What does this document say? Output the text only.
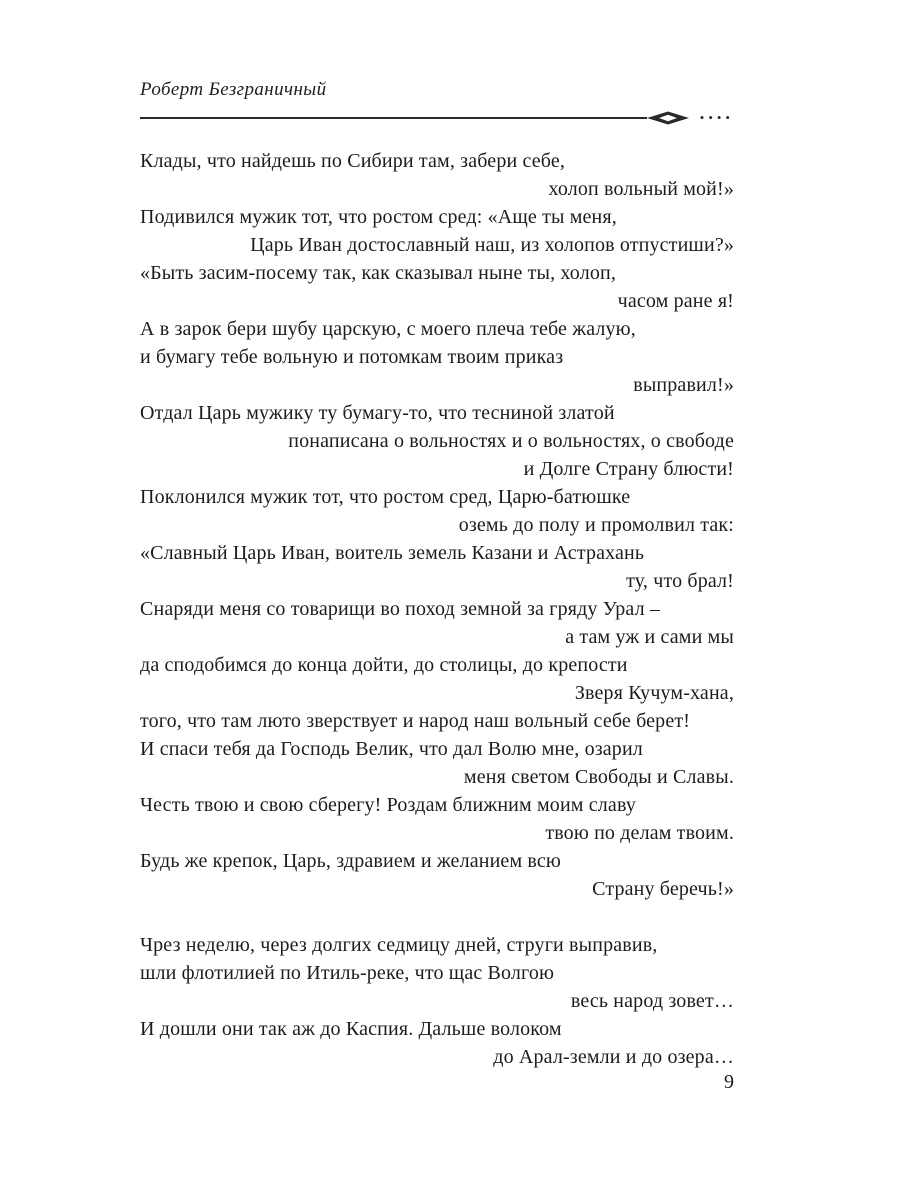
Роберт Безграничный
••••
Клады, что найдешь по Сибири там, забери себе,
холоп вольный мой!»
Подивился мужик тот, что ростом сред: «Аще ты меня,
Царь Иван достославный наш, из холопов отпустиши?»
«Быть засим-посему так, как сказывал ныне ты, холоп,
часом ране я!
А в зарок бери шубу царскую, с моего плеча тебе жалую,
и бумагу тебе вольную и потомкам твоим приказ
выправил!»
Отдал Царь мужику ту бумагу-то, что тесниной златой
понаписана о вольностях и о вольностях, о свободе
и Долге Страну блюсти!
Поклонился мужик тот, что ростом сред, Царю-батюшке
оземь до полу и промолвил так:
«Славный Царь Иван, воитель земель Казани и Астрахань
ту, что брал!
Снаряди меня со товарищи во поход земной за гряду Урал –
а там уж и сами мы
да сподобимся до конца дойти, до столицы, до крепости
Зверя Кучум-хана,
того, что там люто зверствует и народ наш вольный себе берет!
И спаси тебя да Господь Велик, что дал Волю мне, озарил
меня светом Свободы и Славы.
Честь твою и свою сберегу! Роздам ближним моим славу
твою по делам твоим.
Будь же крепок, Царь, здравием и желанием всю
Страну беречь!»

Чрез неделю, через долгих седмицу дней, струги выправив,
шли флотилией по Итиль-реке, что щас Волгою
весь народ зовет…
И дошли они так аж до Каспия. Дальше волоком
до Арал-земли и до озера…
9
